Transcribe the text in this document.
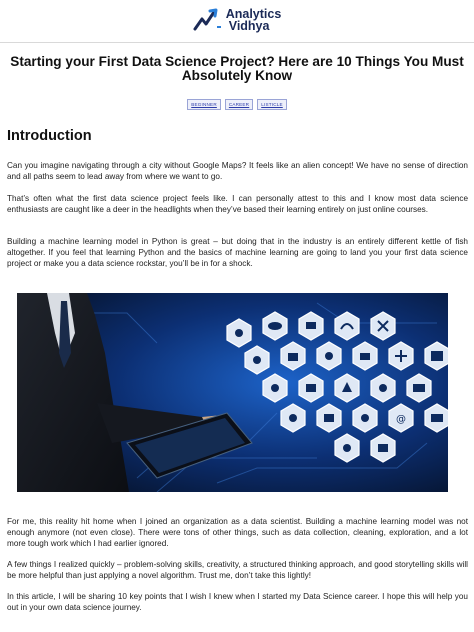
Analytics
Vidhya
Starting your First Data Science Project? Here are 10 Things You Must Absolutely Know
BEGINNER	CAREER	LISTICLE
Introduction

Can you imagine navigating through a city without Google Maps? It feels like an alien concept! We have no sense of direction and all paths seem to lead away from where we want to go.

That’s often what the first data science project feels like. I can personally attest to this and I know most data science enthusiasts are caught like a deer in the headlights when they’ve based their learning entirely on just online courses.

Building a machine learning model in Python is great – but doing that in the industry is an entirely different kettle of fish altogether. If you feel that learning Python and the basics of machine learning are going to land you your first data science project or make you a data science rockstar, you’ll be in for a shock.

@

For me, this reality hit home when I joined an organization as a data scientist. Building a machine learning model was not enough anymore (not even close). There were tons of other things, such as data collection, cleaning, exploration, and a lot more tough work which I had earlier ignored.

A few things I realized quickly – problem-solving skills, creativity, a structured thinking approach, and good storytelling skills will be more helpful than just applying a novel algorithm. Trust me, don’t take this lightly!

In this article, I will be sharing 10 key points that I wish I knew when I started my Data Science career. I hope this will help you out in your own data science journey.
